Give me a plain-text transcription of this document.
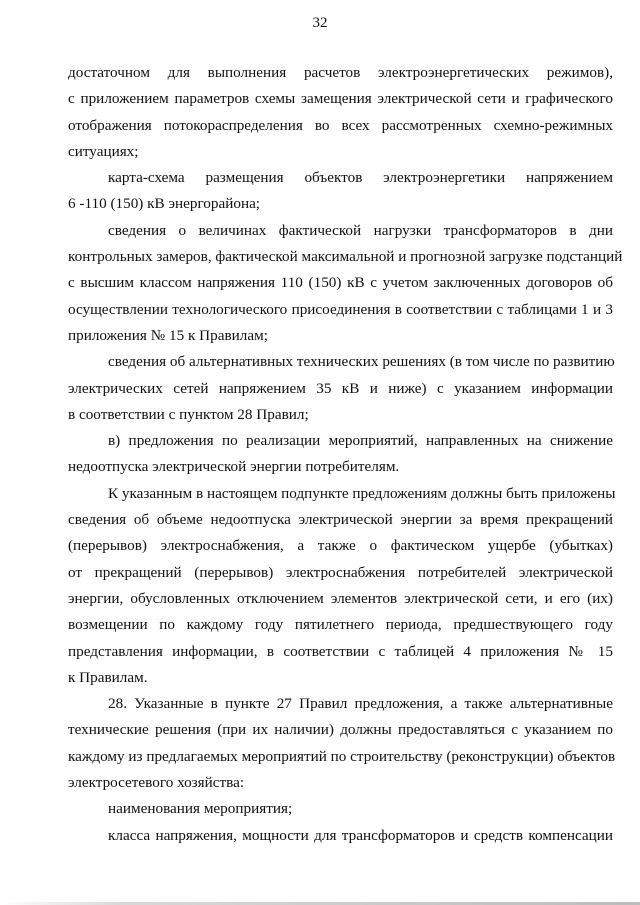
32
достаточном для выполнения расчетов электроэнергетических режимов),
с приложением параметров схемы замещения электрической сети и графического
отображения потокораспределения во всех рассмотренных схемно-режимных
ситуациях;
карта-схема размещения объектов электроэнергетики напряжением
6 -110 (150) кВ энергорайона;
сведения о величинах фактической нагрузки трансформаторов в дни
контрольных замеров, фактической максимальной и прогнозной загрузке подстанций
с высшим классом напряжения 110 (150) кВ с учетом заключенных договоров об
осуществлении технологического присоединения в соответствии с таблицами 1 и 3
приложения № 15 к Правилам;
сведения об альтернативных технических решениях (в том числе по развитию
электрических сетей напряжением 35 кВ и ниже) с указанием информации
в соответствии с пунктом 28 Правил;
в) предложения по реализации мероприятий, направленных на снижение
недоотпуска электрической энергии потребителям.
К указанным в настоящем подпункте предложениям должны быть приложены
сведения об объеме недоотпуска электрической энергии за время прекращений
(перерывов) электроснабжения, а также о фактическом ущербе (убытках)
от прекращений (перерывов) электроснабжения потребителей электрической
энергии, обусловленных отключением элементов электрической сети, и его (их)
возмещении по каждому году пятилетнего периода, предшествующего году
представления информации, в соответствии с таблицей 4 приложения № 15
к Правилам.
28. Указанные в пункте 27 Правил предложения, а также альтернативные
технические решения (при их наличии) должны предоставляться с указанием по
каждому из предлагаемых мероприятий по строительству (реконструкции) объектов
электросетевого хозяйства:
наименования мероприятия;
класса напряжения, мощности для трансформаторов и средств компенсации
